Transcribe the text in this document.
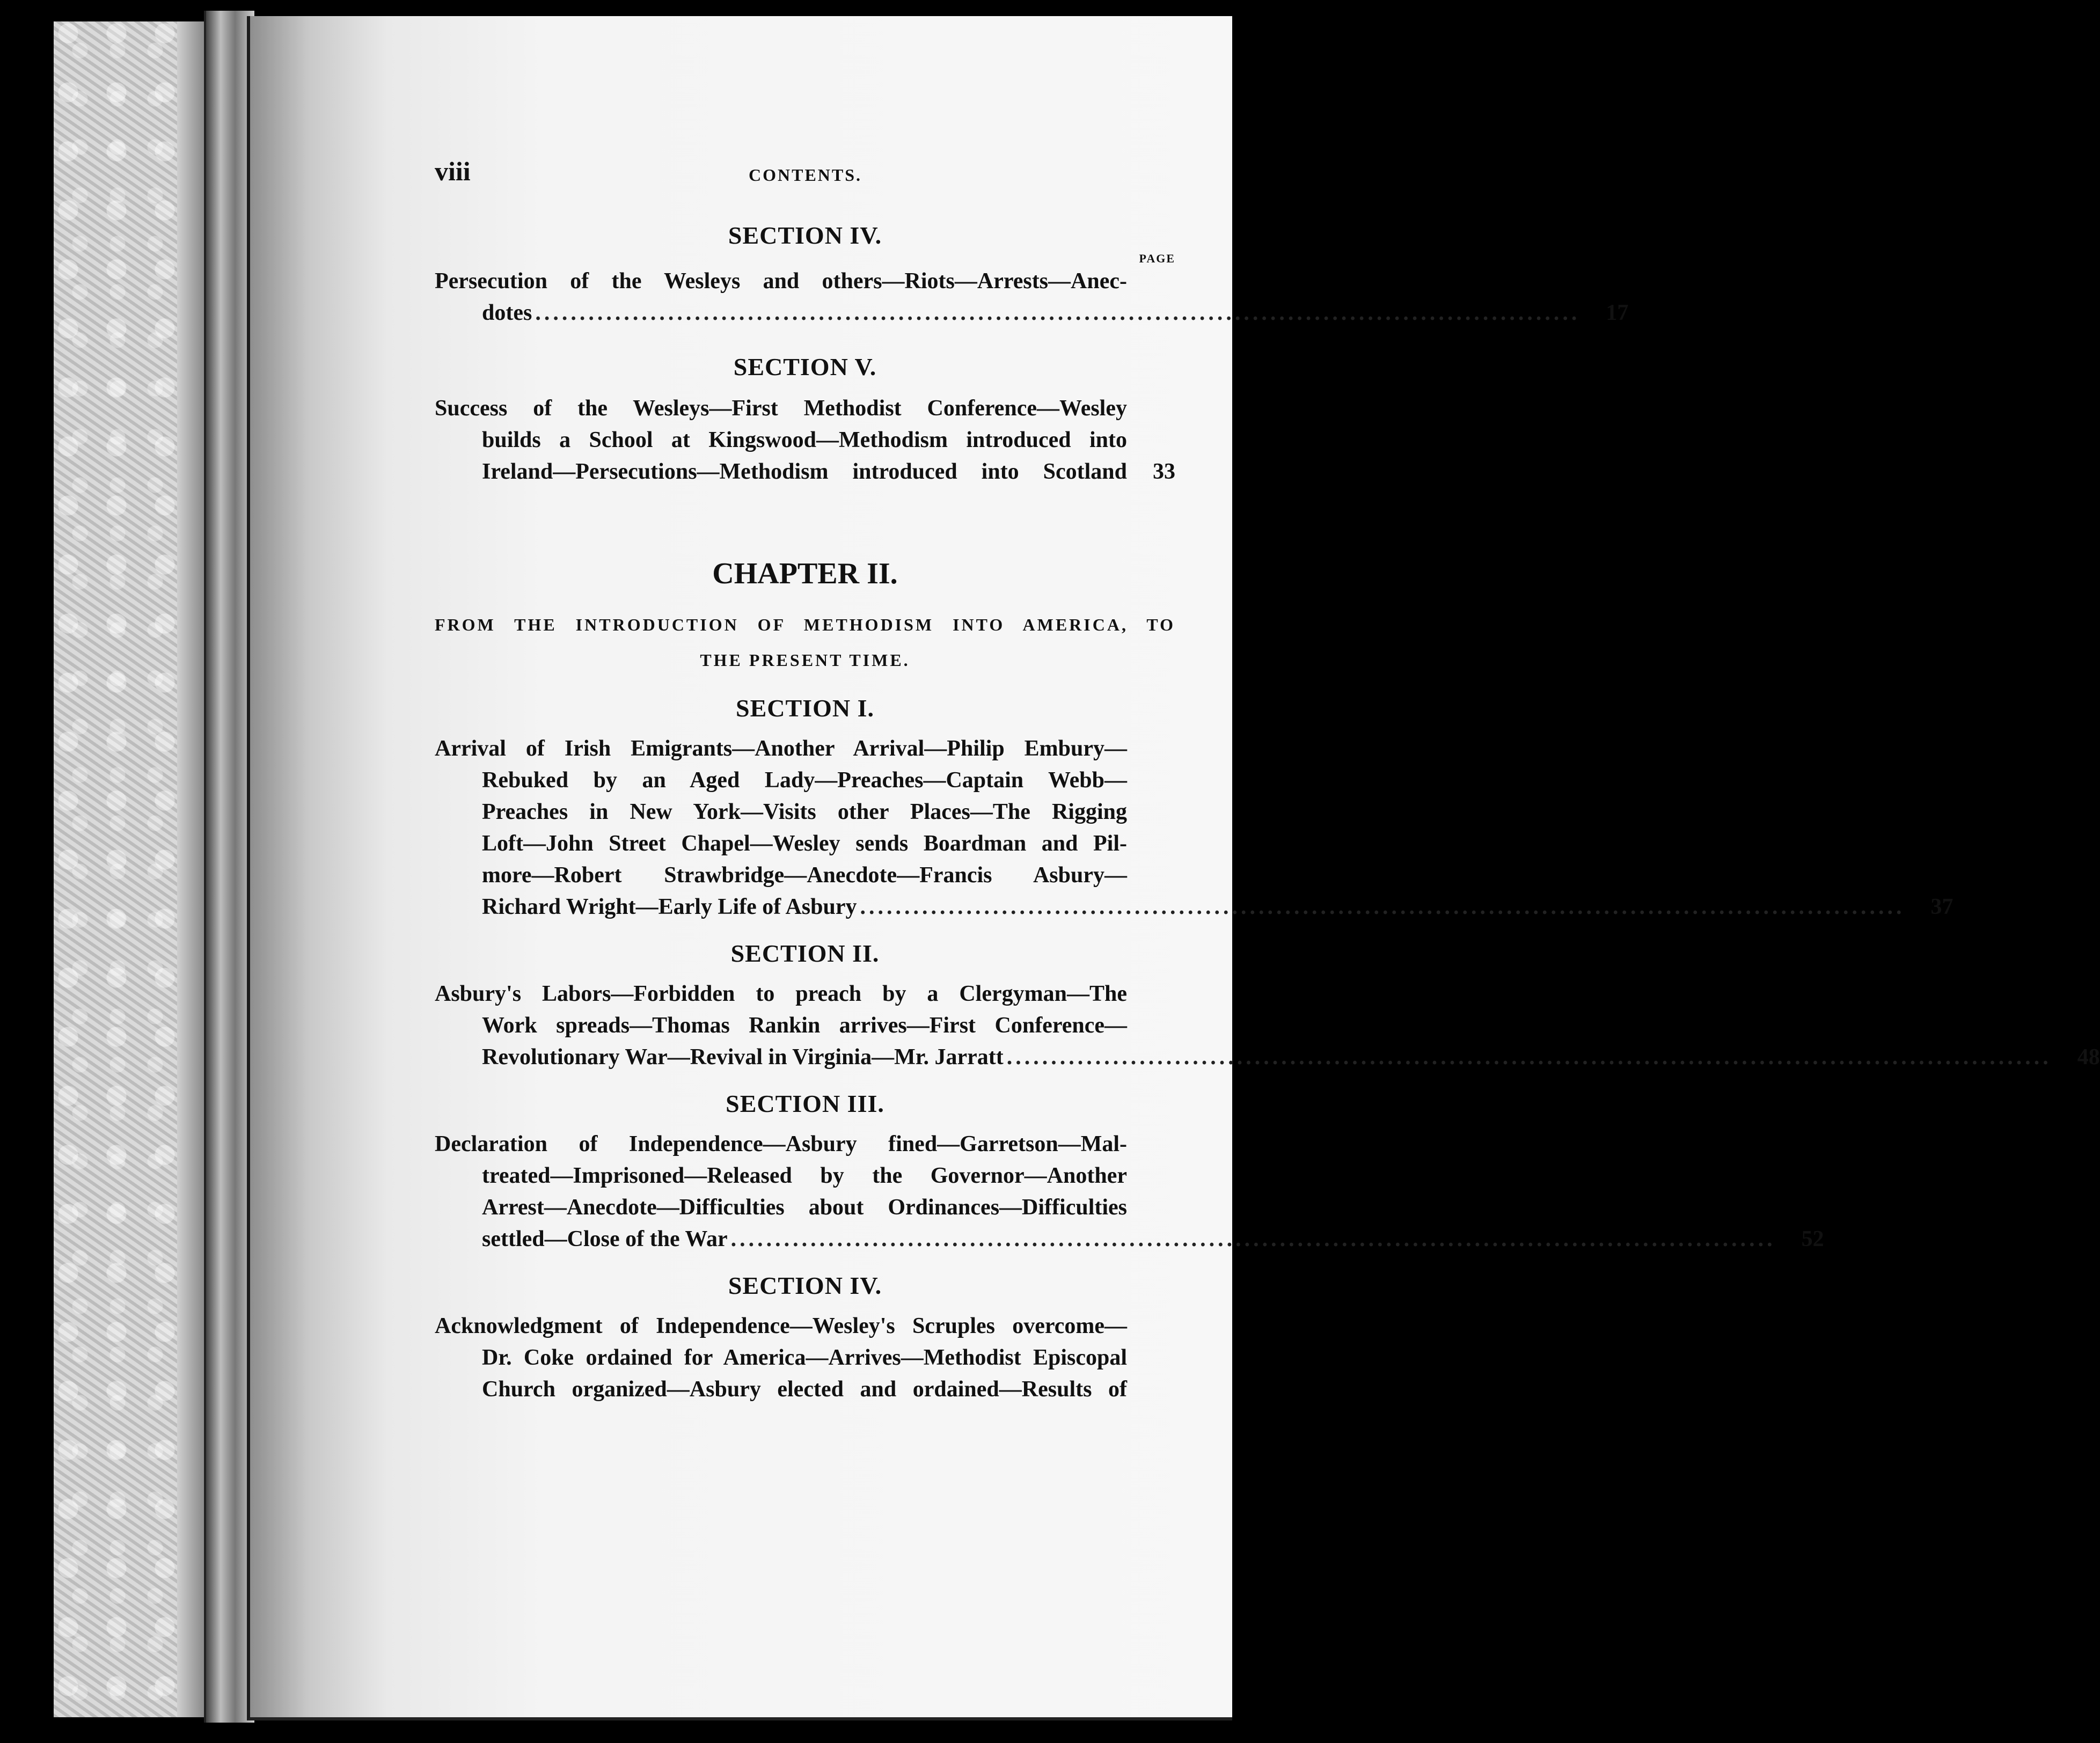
viii	CONTENTS.
SECTION IV.
PAGE
Persecution of the Wesleys and others—Riots—Arrests—Anec-
dotes ......................................................................................................................	17
SECTION V.
Success of the Wesleys—First Methodist Conference—Wesley
builds a School at Kingswood—Methodism introduced into
Ireland—Persecutions—Methodism introduced into Scotland	33
CHAPTER II.
FROM THE INTRODUCTION OF METHODISM INTO AMERICA, TO
THE PRESENT TIME.
SECTION I.
Arrival of Irish Emigrants—Another Arrival—Philip Embury—
Rebuked by an Aged Lady—Preaches—Captain Webb—
Preaches in New York—Visits other Places—The Rigging
Loft—John Street Chapel—Wesley sends Boardman and Pil-
more—Robert Strawbridge—Anecdote—Francis Asbury—
Richard Wright—Early Life of Asbury ......................................................................................................................	37
SECTION II.
Asbury's Labors—Forbidden to preach by a Clergyman—The
Work spreads—Thomas Rankin arrives—First Conference—
Revolutionary War—Revival in Virginia—Mr. Jarratt ......................................................................................................................	48
SECTION III.
Declaration of Independence—Asbury fined—Garretson—Mal-
treated—Imprisoned—Released by the Governor—Another
Arrest—Anecdote—Difficulties about Ordinances—Difficulties
settled—Close of the War ......................................................................................................................	52
SECTION IV.
Acknowledgment of Independence—Wesley's Scruples overcome—
Dr. Coke ordained for America—Arrives—Methodist Episcopal
Church organized—Asbury elected and ordained—Results of
